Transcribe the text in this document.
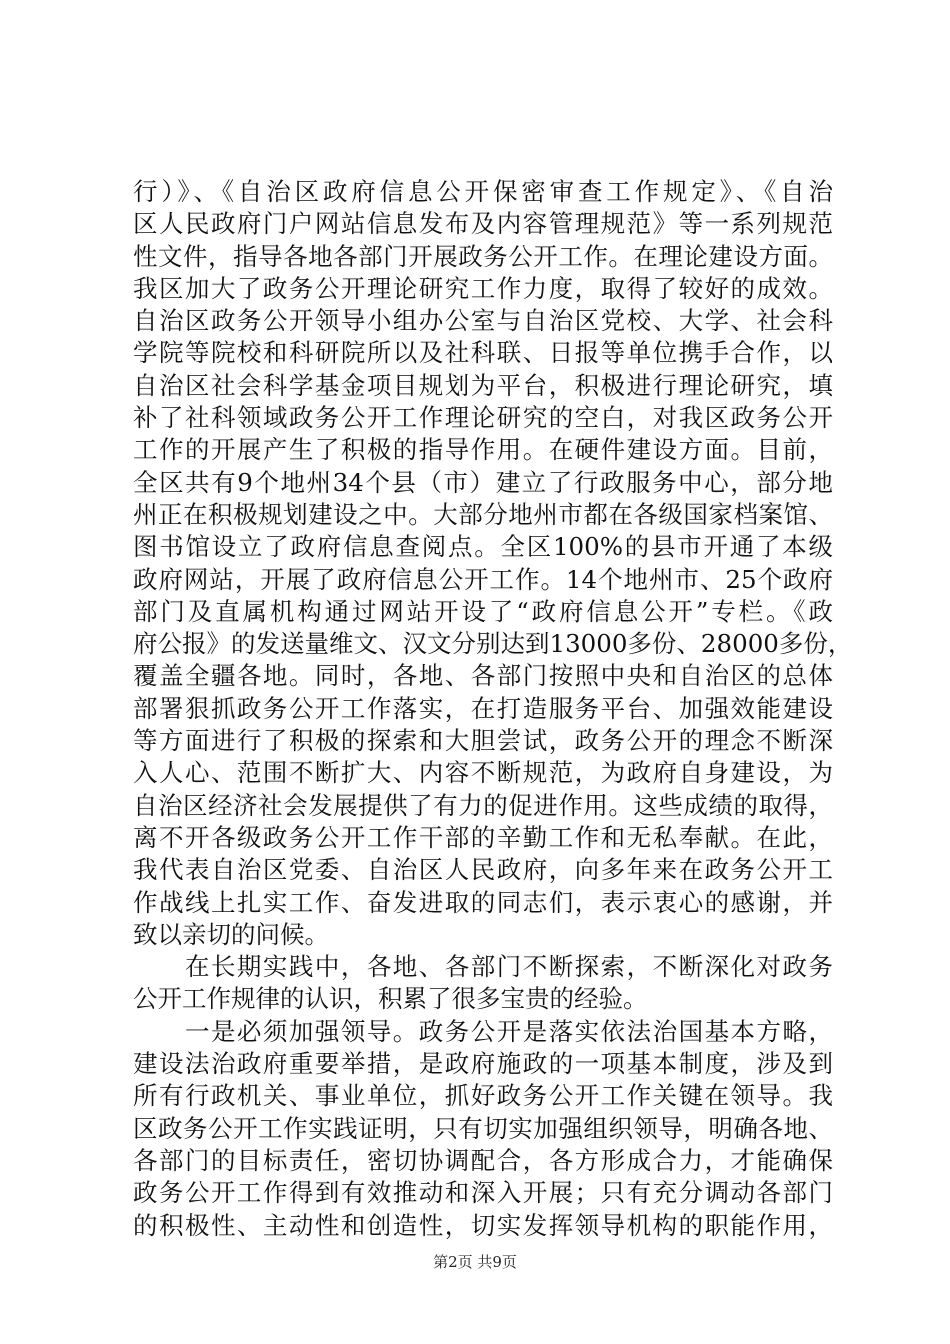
行）》、《自治区政府信息公开保密审查工作规定》、《自治
区人民政府门户网站信息发布及内容管理规范》等一系列规范
性文件，指导各地各部门开展政务公开工作。在理论建设方面。
我区加大了政务公开理论研究工作力度，取得了较好的成效。
自治区政务公开领导小组办公室与自治区党校、大学、社会科
学院等院校和科研院所以及社科联、日报等单位携手合作，以
自治区社会科学基金项目规划为平台，积极进行理论研究，填
补了社科领域政务公开工作理论研究的空白，对我区政务公开
工作的开展产生了积极的指导作用。在硬件建设方面。目前，
全区共有9个地州34个县（市）建立了行政服务中心，部分地
州正在积极规划建设之中。大部分地州市都在各级国家档案馆、
图书馆设立了政府信息查阅点。全区100%的县市开通了本级
政府网站，开展了政府信息公开工作。14个地州市、25个政府
部门及直属机构通过网站开设了“政府信息公开”专栏。《政
府公报》的发送量维文、汉文分别达到13000多份、28000多份，
覆盖全疆各地。同时，各地、各部门按照中央和自治区的总体
部署狠抓政务公开工作落实，在打造服务平台、加强效能建设
等方面进行了积极的探索和大胆尝试，政务公开的理念不断深
入人心、范围不断扩大、内容不断规范，为政府自身建设，为
自治区经济社会发展提供了有力的促进作用。这些成绩的取得，
离不开各级政务公开工作干部的辛勤工作和无私奉献。在此，
我代表自治区党委、自治区人民政府，向多年来在政务公开工
作战线上扎实工作、奋发进取的同志们，表示衷心的感谢，并
致以亲切的问候。
　　在长期实践中，各地、各部门不断探索，不断深化对政务
公开工作规律的认识，积累了很多宝贵的经验。
　　一是必须加强领导。政务公开是落实依法治国基本方略，
建设法治政府重要举措，是政府施政的一项基本制度，涉及到
所有行政机关、事业单位，抓好政务公开工作关键在领导。我
区政务公开工作实践证明，只有切实加强组织领导，明确各地、
各部门的目标责任，密切协调配合，各方形成合力，才能确保
政务公开工作得到有效推动和深入开展；只有充分调动各部门
的积极性、主动性和创造性，切实发挥领导机构的职能作用，
第2页 共9页
